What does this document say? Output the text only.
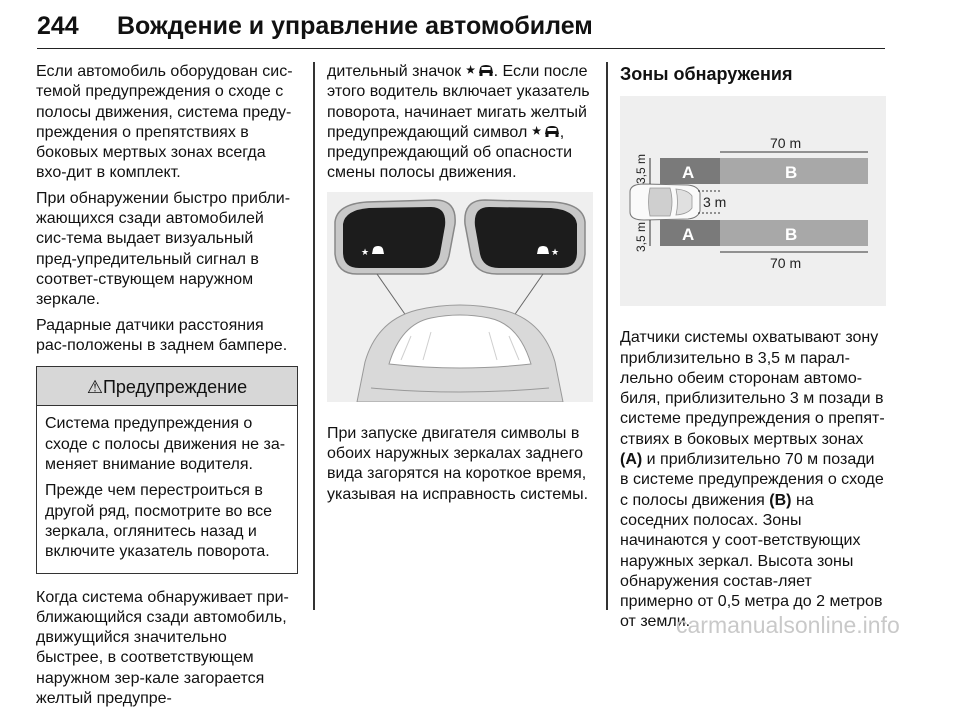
244 Вождение и управление автомобилем

Если автомобиль оборудован сис-темой предупреждения о сходе с полосы движения, система преду-преждения о препятствиях в боковых мертвых зонах всегда вхо-дит в комплект.

При обнаружении быстро прибли-жающихся сзади автомобилей сис-тема выдает визуальный пред-упредительный сигнал в соответ-ствующем наружном зеркале.

Радарные датчики расстояния рас-положены в заднем бампере.

⚠Предупреждение

Система предупреждения о сходе с полосы движения не за-меняет внимание водителя.

Прежде чем перестроиться в другой ряд, посмотрите во все зеркала, оглянитесь назад и включите указатель поворота.

Когда система обнаруживает при-ближающийся сзади автомобиль, движущийся значительно быстрее, в соответствующем наружном зер-кале загорается желтый предупре-

дительный значок . Если после этого водитель включает указатель поворота, начинает мигать желтый предупреждающий символ , предупреждающий об опасности смены полосы движения.

★	★

При запуске двигателя символы в обоих наружных зеркалах заднего вида загорятся на короткое время, указывая на исправность системы.

Зоны обнаружения
A	B
A	B
70 m
70 m
3 m
3,5 m
3,5 m

Датчики системы охватывают зону приблизительно в 3,5 м парал-лельно обеим сторонам автомо-биля, приблизительно 3 м позади в системе предупреждения о препят-ствиях в боковых мертвых зонах (A) и приблизительно 70 м позади в системе предупреждения о сходе с полосы движения (B) на соседних полосах. Зоны начинаются у соот-ветствующих наружных зеркал. Высота зоны обнаружения состав-ляет примерно от 0,5 метра до 2 метров от земли.

carmanualsonline.info
